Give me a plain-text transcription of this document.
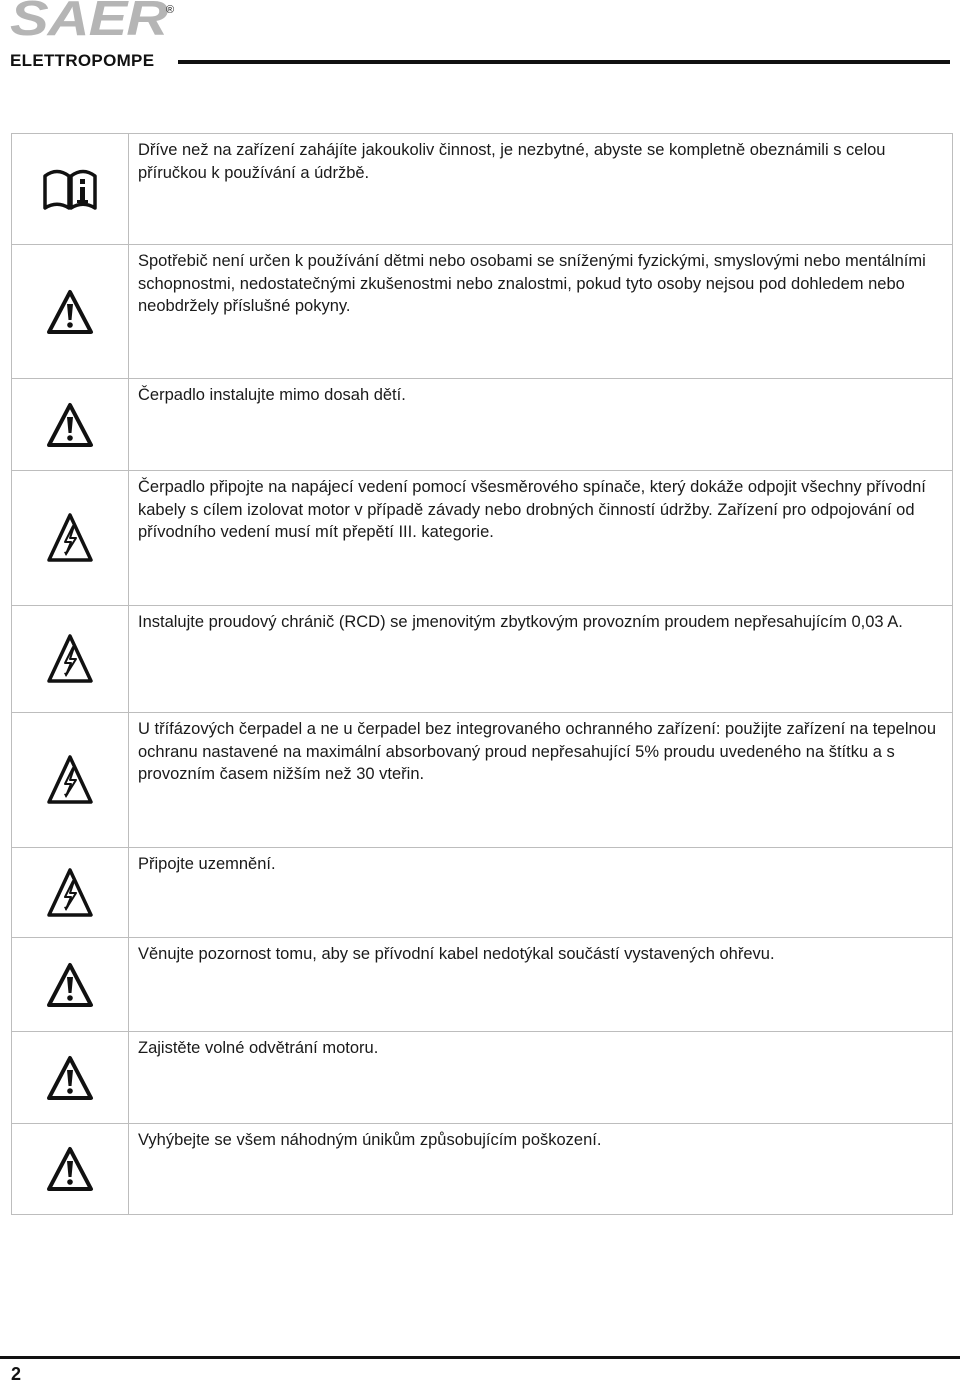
SAER
®
ELETTROPOMPE
Dříve než na zařízení zahájíte jakoukoliv činnost, je nezbytné, abyste se kompletně obeznámili s celou příručkou k používání a údržbě.
Spotřebič není určen k používání dětmi nebo osobami se sníženými fyzickými, smyslovými nebo mentálními schopnostmi, nedostatečnými zkušenostmi nebo znalostmi, pokud tyto osoby nejsou pod dohledem nebo neobdržely příslušné pokyny.
Čerpadlo instalujte mimo dosah dětí.
Čerpadlo připojte na napájecí vedení pomocí všesměrového spínače, který dokáže odpojit všechny přívodní kabely s cílem izolovat motor v případě závady nebo drobných činností údržby. Zařízení pro odpojování od přívodního vedení musí mít přepětí III. kategorie.
Instalujte proudový chránič (RCD) se jmenovitým zbytkovým provozním proudem nepřesahujícím 0,03 A.
U třífázových čerpadel a ne u čerpadel bez integrovaného ochranného zařízení: použijte zařízení na tepelnou ochranu nastavené na maximální absorbovaný proud nepřesahující 5% proudu uvedeného na štítku a s provozním časem nižším než 30 vteřin.
Připojte uzemnění.
Věnujte pozornost tomu, aby se přívodní kabel nedotýkal součástí vystavených ohřevu.
Zajistěte volné odvětrání motoru.
Vyhýbejte se všem náhodným únikům způsobujícím poškození.
2
